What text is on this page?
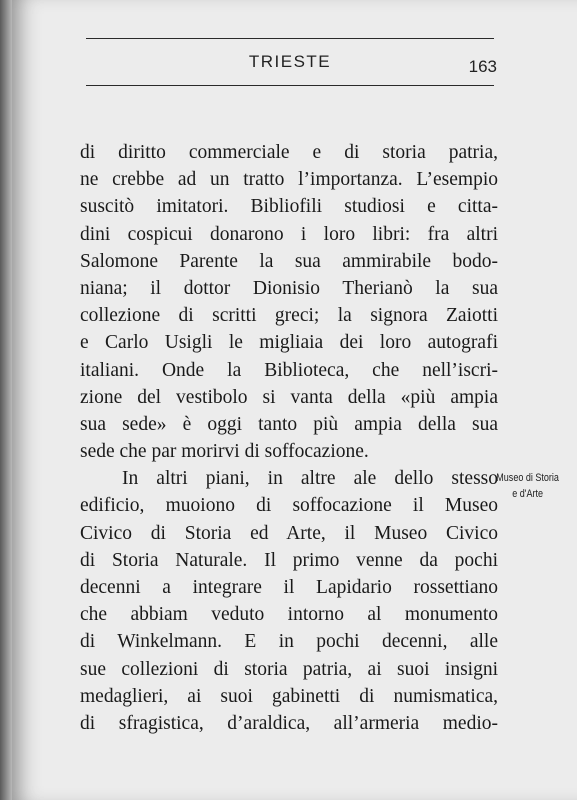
TRIESTE	163
di diritto commerciale e di storia patria,
ne crebbe ad un tratto l’importanza. L’esempio
suscitò imitatori. Bibliofili studiosi e citta-
dini cospicui donarono i loro libri: fra altri
Salomone Parente la sua ammirabile bodo-
niana; il dottor Dionisio Therianò la sua
collezione di scritti greci; la signora Zaiotti
e Carlo Usigli le migliaia dei loro autografi
italiani. Onde la Biblioteca, che nell’iscri-
zione del vestibolo si vanta della «più ampia
sua sede» è oggi tanto più ampia della sua
sede che par morirvi di soffocazione.
In altri piani, in altre ale dello stesso
edificio, muoiono di soffocazione il Museo
Civico di Storia ed Arte, il Museo Civico
di Storia Naturale. Il primo venne da pochi
decenni a integrare il Lapidario rossettiano
che abbiam veduto intorno al monumento
di Winkelmann. E in pochi decenni, alle
sue collezioni di storia patria, ai suoi insigni
medaglieri, ai suoi gabinetti di numismatica,
di sfragistica, d’araldica, all’armeria medio-
Museo di Storia
e d'Arte
